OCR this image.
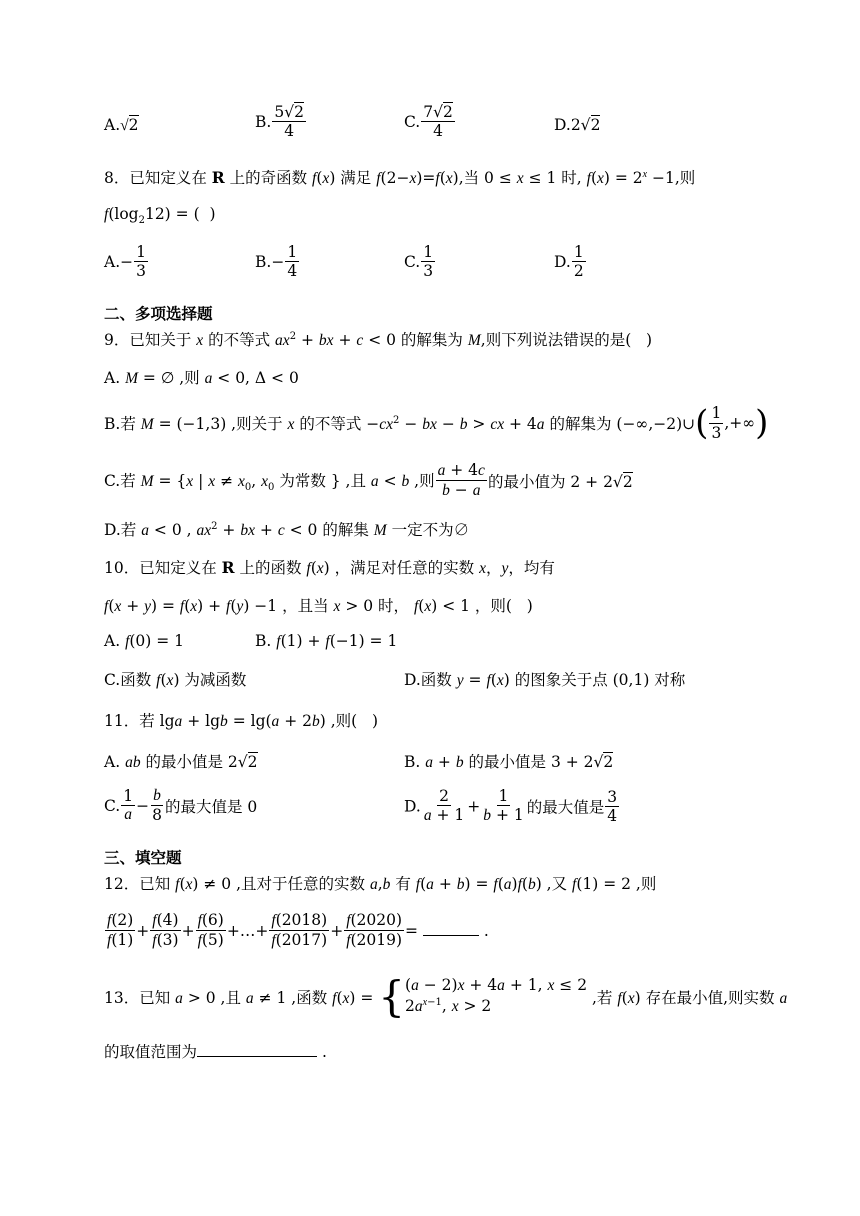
A.√2	B. $\frac{5√2}{4}$	C. $\frac{7√2}{4}$	D.2√2
8．已知定义在 R 上的奇函数 f(x) 满足 f(2−x)=f(x),当 0 ≤ x ≤ 1 时, $f(x) = 2^x -1$,则
$f(\log_212)$ = (  )
$A.- \frac{1}{3}$	$B.- \frac{1}{4}$	C. $\frac{1}{3}$	D. $\frac{1}{2}$
二、多项选择题
9．已知关于 x 的不等式 $ax^2$ + bx + c < 0 的解集为 M,则下列说法错误的是(   )
A. M = ∅ ,则 a < 0, Δ < 0
B.若 M = (−1,3) ,则关于 x 的不等式 $-cx^2$ − bx − b > cx + 4a 的解集为 (−∞,−2)∪( $\frac{1}{3}$ ,+∞)
C.若 M = {x | $x \ne x_0$, $x_0$ 为常数 } ,且 a < b ,则 $\frac{a + 4c}{b - a}$ 的最小值为 2 + 2√2
D.若 a < 0 , $ax^2$ + bx + c < 0 的解集 M 一定不为∅
10．已知定义在 R 上的函数 f(x) ，满足对任意的实数 x，y，均有
f(x + y) = f(x) + f(y) −1 ，且当 x > 0 时， f(x) < 1 ，则(   )
A. f(0) = 1	B. f(1) + f(−1) = 1
C.函数 f(x) 为减函数	D.函数 y = f(x) 的图象关于点 (0,1) 对称
11．若 lga + lgb = lg(a + 2b) ,则(   )
A. ab 的最小值是 2√2	B. a + b 的最小值是 3 + 2√2
C. $\frac{1}{a} - \frac{b}{8}$ 的最大值是 0	D. $\frac{2}{a + 1} + \frac{1}{b + 1}$ 的最大值是 $\frac{3}{4}$
三、填空题
12．已知 f(x) ≠ 0 ,且对于任意的实数 a,b 有 f(a + b) = f(a)f(b) ,又 f(1) = 2 ,则
$\frac{f(2)}{f(1)} + \frac{f(4)}{f(3)} + \frac{f(6)}{f(5)}$ +…+ $\frac{f(2018)}{f(2017)} + \frac{f(2020)}{f(2019)}$ =	.
13．已知 a > 0 ,且 a ≠ 1 ,函数 f(x) = { (a − 2)x + 4a + 1, x ≤ 2
$2a^{x-1}$, x > 2
,若 f(x) 存在最小值,则实数 a
的取值范围为	.
